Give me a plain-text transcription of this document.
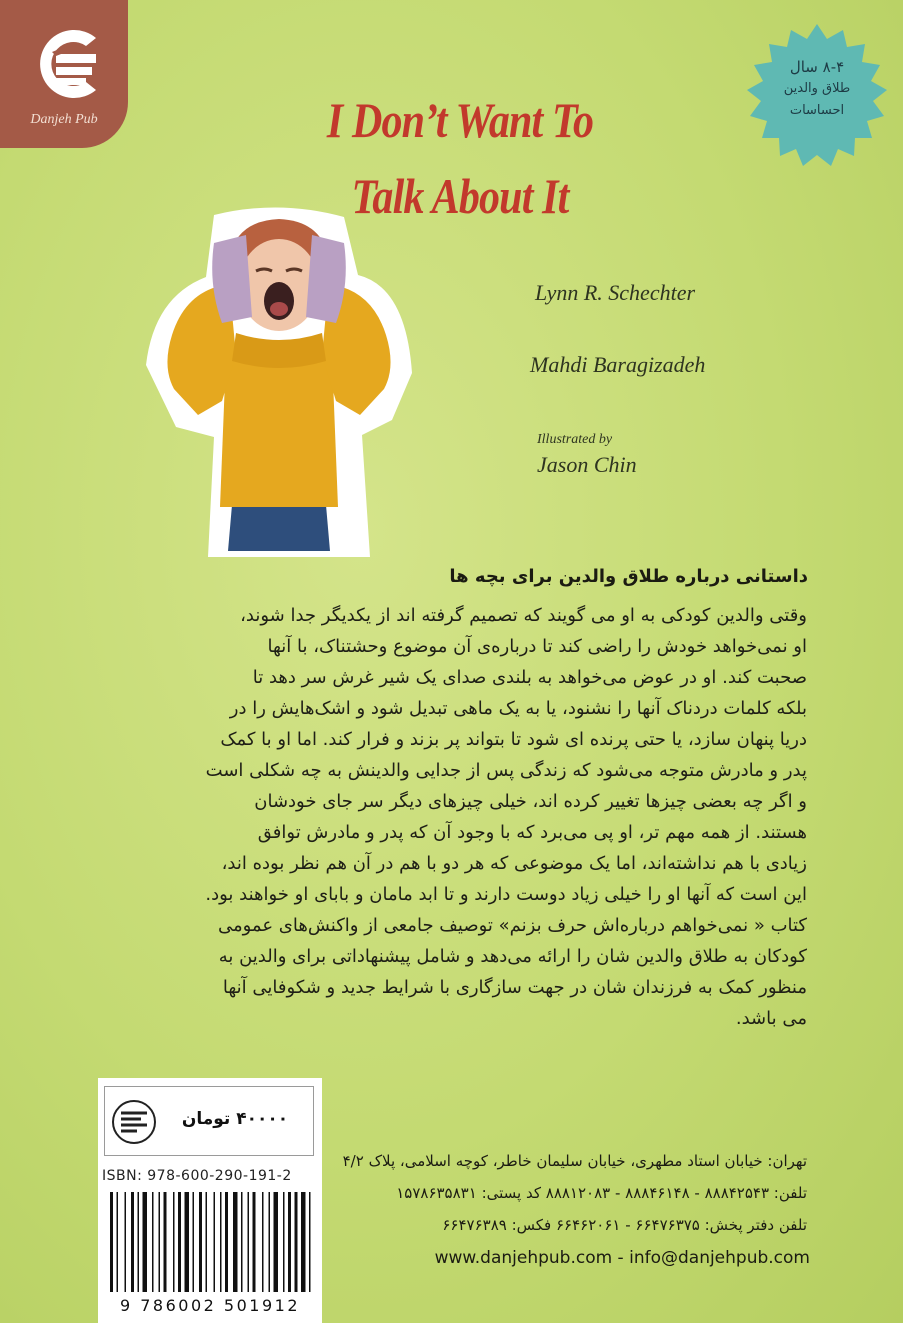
Danjeh Pub	I Don’t Want To
Talk About It
۸-۴ سال
طلاق والدین
احساسات
Lynn R. Schechter
Mahdi Baragizadeh
Illustrated by
Jason Chin
داستانی درباره طلاق والدین برای بچه ها
وقتی والدین کودکی به او می گویند که تصمیم گرفته اند از یکدیگر جدا شوند،
او نمی‌خواهد خودش را راضی کند تا درباره‌ی آن موضوع وحشتناک، با آنها
صحبت کند. او در عوض می‌خواهد به بلندی صدای یک شیر غرش سر دهد تا
بلکه کلمات دردناک آنها را نشنود، یا به یک ماهی تبدیل شود و اشک‌هایش را در
دریا پنهان سازد، یا حتی پرنده ای شود تا بتواند پر بزند و فرار کند. اما او با کمک
پدر و مادرش متوجه می‌شود که زندگی پس از جدایی والدینش به چه شکلی است
و اگر چه بعضی چیزها تغییر کرده اند، خیلی چیزهای دیگر سر جای خودشان
هستند. از همه مهم تر، او پی می‌برد که با وجود آن که پدر و مادرش توافق
زیادی با هم نداشته‌اند، اما یک موضوعی که هر دو با هم در آن هم نظر بوده اند،
این است که آنها او را خیلی زیاد دوست دارند و تا ابد مامان و بابای او خواهند بود.
کتاب « نمی‌خواهم درباره‌اش حرف بزنم» توصیف جامعی از واکنش‌های عمومی
کودکان به طلاق والدین شان را ارائه می‌دهد و شامل پیشنهاداتی برای والدین به
منظور کمک به فرزندان شان در جهت سازگاری با شرایط جدید و شکوفایی آنها
می باشد.
۴۰۰۰۰ تومان
ISBN: 978-600-290-191-2
9 786002 501912
تهران: خیابان استاد مطهری، خیابان سلیمان خاطر، کوچه اسلامی، پلاک ۴/۲
تلفن: ۸۸۸۴۲۵۴۳ - ۸۸۸۴۶۱۴۸ - ۸۸۸۱۲۰۸۳ کد پستی: ۱۵۷۸۶۳۵۸۳۱
تلفن دفتر پخش: ۶۶۴۷۶۳۷۵ - ۶۶۴۶۲۰۶۱ فکس: ۶۶۴۷۶۳۸۹
www.danjehpub.com - info@danjehpub.com
